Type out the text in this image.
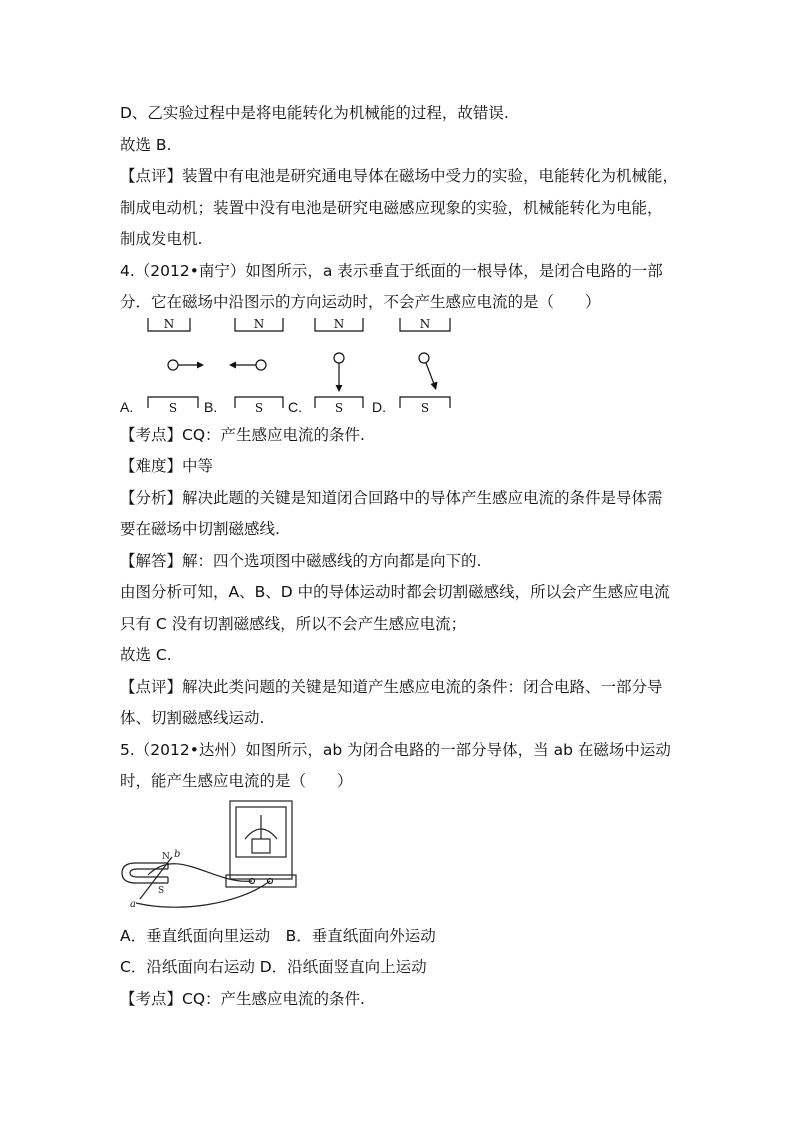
D、乙实验过程中是将电能转化为机械能的过程，故错误.
故选 B.
【点评】装置中有电池是研究通电导体在磁场中受力的实验，电能转化为机械能，
制成电动机；装置中没有电池是研究电磁感应现象的实验，机械能转化为电能，
制成发电机.
4.（2012•南宁）如图所示，a 表示垂直于纸面的一根导体，是闭合电路的一部
分．它在磁场中沿图示的方向运动时，不会产生感应电流的是（　　）
N	N	N	N
S	S	S
S
A.	B.	C.	D.
【考点】CQ：产生感应电流的条件.
【难度】中等
【分析】解决此题的关键是知道闭合回路中的导体产生感应电流的条件是导体需
要在磁场中切割磁感线.
【解答】解：四个选项图中磁感线的方向都是向下的.
由图分析可知，A、B、D 中的导体运动时都会切割磁感线，所以会产生感应电流
只有 C 没有切割磁感线，所以不会产生感应电流；
故选 C.
【点评】解决此类问题的关键是知道产生感应电流的条件：闭合电路、一部分导
体、切割磁感线运动.
5.（2012•达州）如图所示，ab 为闭合电路的一部分导体，当 ab 在磁场中运动
时，能产生感应电流的是（　　）
a
b
N
S
A．垂直纸面向里运动　B．垂直纸面向外运动
C．沿纸面向右运动 D．沿纸面竖直向上运动
【考点】CQ：产生感应电流的条件.
